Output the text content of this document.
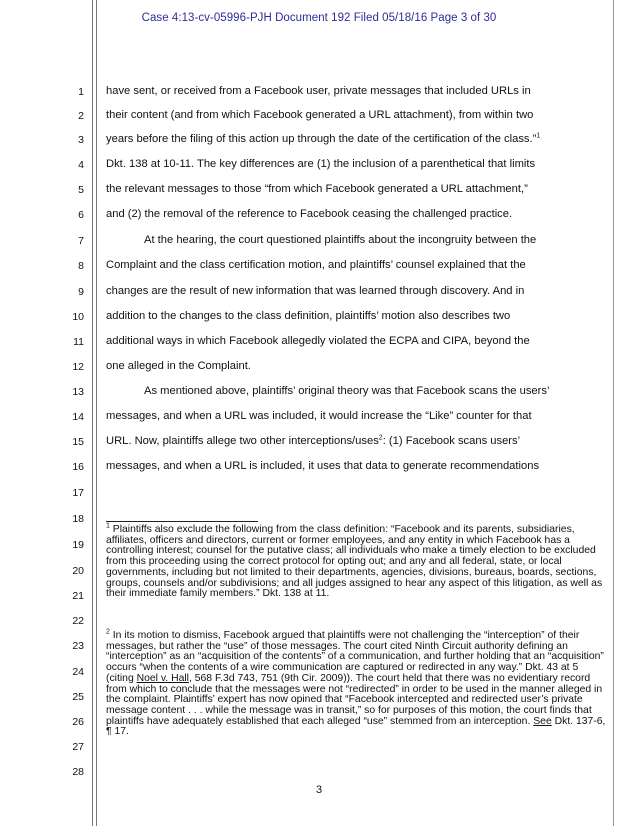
Case 4:13-cv-05996-PJH Document 192 Filed 05/18/16 Page 3 of 30
1
2
3
4
5
6
7
8
9
10
11
12
13
14
15
16
17
18
19
20
21
22
23
24
25
26
27
28
have sent, or received from a Facebook user, private messages that included URLs in
their content (and from which Facebook generated a URL attachment), from within two
years before the filing of this action up through the date of the certification of the class.”$^1$
Dkt. 138 at 10-11. The key differences are (1) the inclusion of a parenthetical that limits
the relevant messages to those “from which Facebook generated a URL attachment,”
and (2) the removal of the reference to Facebook ceasing the challenged practice.
At the hearing, the court questioned plaintiffs about the incongruity between the
Complaint and the class certification motion, and plaintiffs’ counsel explained that the
changes are the result of new information that was learned through discovery. And in
addition to the changes to the class definition, plaintiffs’ motion also describes two
additional ways in which Facebook allegedly violated the ECPA and CIPA, beyond the
one alleged in the Complaint.
As mentioned above, plaintiffs’ original theory was that Facebook scans the users’
messages, and when a URL was included, it would increase the “Like” counter for that
URL. Now, plaintiffs allege two other interceptions/uses$^2$: (1) Facebook scans users’
messages, and when a URL is included, it uses that data to generate recommendations

$^1$ Plaintiffs also exclude the following from the class definition: “Facebook and its parents, subsidiaries, affiliates, officers and directors, current or former employees, and any entity in which Facebook has a controlling interest; counsel for the putative class; all individuals who make a timely election to be excluded from this proceeding using the correct protocol for opting out; and any and all federal, state, or local governments, including but not limited to their departments, agencies, divisions, bureaus, boards, sections, groups, counsels and/or subdivisions; and all judges assigned to hear any aspect of this litigation, as well as their immediate family members.” Dkt. 138 at 11.

$^2$ In its motion to dismiss, Facebook argued that plaintiffs were not challenging the “interception” of their messages, but rather the “use” of those messages. The court cited Ninth Circuit authority defining an “interception” as an “acquisition of the contents” of a communication, and further holding that an “acquisition” occurs “when the contents of a wire communication are captured or redirected in any way.” Dkt. 43 at 5 (citing Noel v. Hall, 568 F.3d 743, 751 (9th Cir. 2009)). The court held that there was no evidentiary record from which to conclude that the messages were not “redirected” in order to be used in the manner alleged in the complaint. Plaintiffs’ expert has now opined that “Facebook intercepted and redirected user’s private message content . . . while the message was in transit,” so for purposes of this motion, the court finds that plaintiffs have adequately established that each alleged “use” stemmed from an interception. See Dkt. 137-6, ¶ 17.

3
